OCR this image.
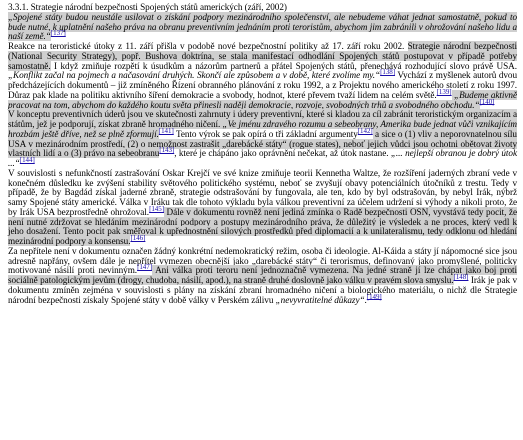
3.3.1. Strategie národní bezpečnosti Spojených států amerických (září, 2002)
„Spojené státy budou neustále usilovat o získání podpory mezinárodního společenství, ale nebudeme váhat jednat samostatně, pokud to bude nutné, k uplatnění našeho práva na obranu preventivním jednáním proti teroristům, abychom jim zabránili v ohrožování našeho lidu a naší země.“[137]
Reakce na teroristické útoky z 11. září přišla v podobě nové bezpečnostní politiky až 17. září roku 2002. Strategie národní bezpečnosti (National Security Strategy), popř. Bushova doktrína, se stala manifestací odhodlání Spojených států postupovat v případě potřeby samostatně. I když zmiňuje rozpětí k úsudkům a názorům partnerů a přátel Spojených států, přenechává rozhodující slovo právě USA. „Konflikt začal na pojmech a načasování druhých. Skončí ale způsobem a v době, které zvolíme my.“[138] Vychází z myšlenek autorů dvou předcházejících dokumentů – již zmíněného Řízení obranného plánování z roku 1992, a z Projektu nového amerického století z roku 1997. Důraz pak klade na politiku aktivního šíření demokracie a svobody, hodnot, které převem tvaží lidem na celém světě.[139] „Budeme aktivně pracovat na tom, abychom do každého koutu světa přinesli naději demokracie, rozvoje, svobodných trhů a svobodného obchodu.“[140]
V konceptu preventivních úderů jsou ve skutečnosti zahrnuty i údery preventivní, které si kladou za cíl zabránit teroristickým organizacím a státům, jež je podporují, získat zbraně hromadného ničení. „Ve jménu zdravého rozumu a sebeobrany, Amerika bude jednat vůči vznikajícím hrozbám ještě dříve, než se plně zformují.[141] Tento výrok se pak opírá o tři základní argumenty[142] a sice o (1) vliv a neporovnatelnou sílu USA v mezinárodním prostředí, (2) o nemožnost zastrašit „darebácké státy“ (rogue states), neboť jejich vůdci jsou ochotni obětovat životy vlastních lidí a o (3) právo na sebeobranu[143], které je chápáno jako oprávnění nečekat, až útok nastane. „... nejlepší obranou je dobrý útok ...“[144]
V souvislosti s nefunkčností zastrašování Oskar Krejčí ve své knize zmiňuje teorii Kennetha Waltze, že rozšíření jaderných zbraní vede v konečném důsledku ke zvýšení stability světového politického systému, neboť se zvyšují obavy potenciálních útočníků z trestu. Tedy v případě, že by Bagdád získal jaderné zbraně, strategie odstrašování by fungovala, ale ten, kdo by byl odstrašován, by nebyl Irák, nýbrž samy Spojené státy americké. Válka v Iráku tak dle tohoto výkladu byla válkou preventivní za účelem udržení si výhody a nikoli proto, že by Irák USA bezprostředně ohrožoval.[145] Dále v dokumentu rovněž není jediná zmínka o Radě bezpečnosti OSN, vyvstává tedy pocit, že není nutné zdržovat se hledáním mezinárodní podpory a postupy mezinárodního práva, že důležitý je výsledek a ne proces, který vedl k jeho dosažení. Tento pocit pak směřoval k upřednostnění silových prostředků před diplomacií a k unilateralismu, tedy odklonu od hledání mezinárodní podpory a konsensu.[146]
Za nepřítele není v dokumentu označen žádný konkrétní nedemokratický režim, osoba či ideologie. Al-Káida a státy jí nápomocné sice jsou adresně napřány, ovšem dále je nepřítel vymezen obecnější jako „darebácké státy“ či terorismus, definovaný jako promyšlené, politicky motivované násilí proti nevinným.[147] Ani válka proti teroru není jednoznačně vymezena. Na jedné straně jí lze chápat jako boj proti sociálně patologickým jevům (drogy, chudoba, násilí, apod.), na straně druhé doslovně jako válku v pravém slova smyslu.[148] Irák je pak v dokumentu zmíněn zejména v souvislosti s plány na získání zbraní hromadného ničení a biologického materiálu, o nichž dle Strategie národní bezpečnosti získaly Spojené státy v době války v Perském zálivu „nevyvratitelné důkazy“.[149]
